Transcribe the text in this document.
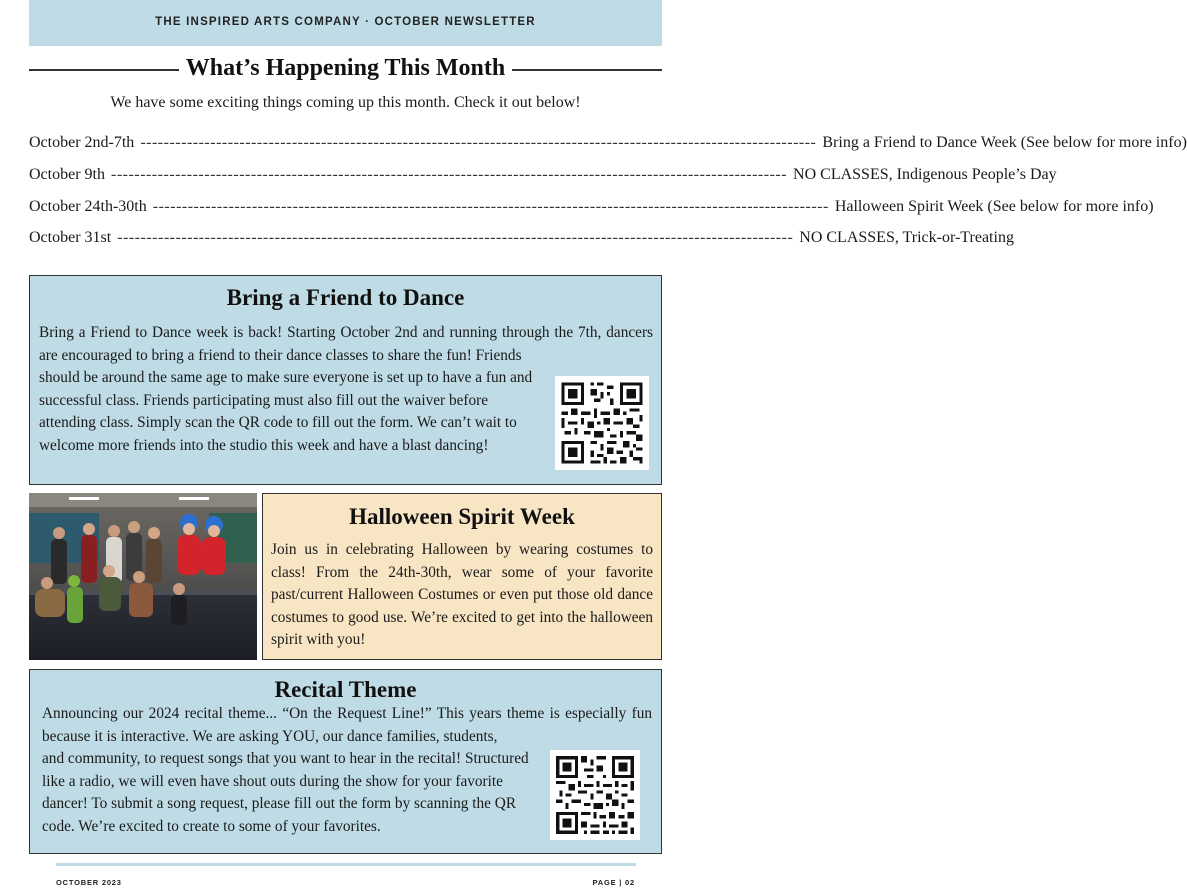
THE INSPIRED ARTS COMPANY · OCTOBER NEWSLETTER
What’s Happening This Month
We have some exciting things coming up this month. Check it out below!
October 2nd-7th -------------------------------------------------------------------------------------------------------------------- Bring a Friend to Dance Week (See below for more info)
October 9th -------------------------------------------------------------------------------------------------------------------- NO CLASSES, Indigenous People’s Day
October 24th-30th -------------------------------------------------------------------------------------------------------------------- Halloween Spirit Week (See below for more info)
October 31st -------------------------------------------------------------------------------------------------------------------- NO CLASSES, Trick-or-Treating
Bring a Friend to Dance
Bring a Friend to Dance week is back! Starting October 2nd and running through the 7th, dancers are encouraged to bring a friend to their dance classes to share the fun! Friends
should be around the same age to make sure everyone is set up to have a fun and successful class. Friends participating must also fill out the waiver before attending class. Simply scan the QR code to fill out the form. We can’t wait to welcome more friends into the studio this week and have a blast dancing!
Halloween Spirit Week
Join us in celebrating Halloween by wearing costumes to class! From the 24th-30th, wear some of your favorite past/current Halloween Costumes or even put those old dance costumes to good use. We’re excited to get into the halloween spirit with you!
Recital Theme
Announcing our 2024 recital theme... “On the Request Line!” This years theme is especially fun because it is interactive. We are asking YOU, our dance families, students,
and community, to request songs that you want to hear in the recital! Structured like a radio, we will even have shout outs during the show for your favorite dancer! To submit a song request, please fill out the form by scanning the QR code. We’re excited to create to some of your favorites.
OCTOBER 2023	PAGE | 02
